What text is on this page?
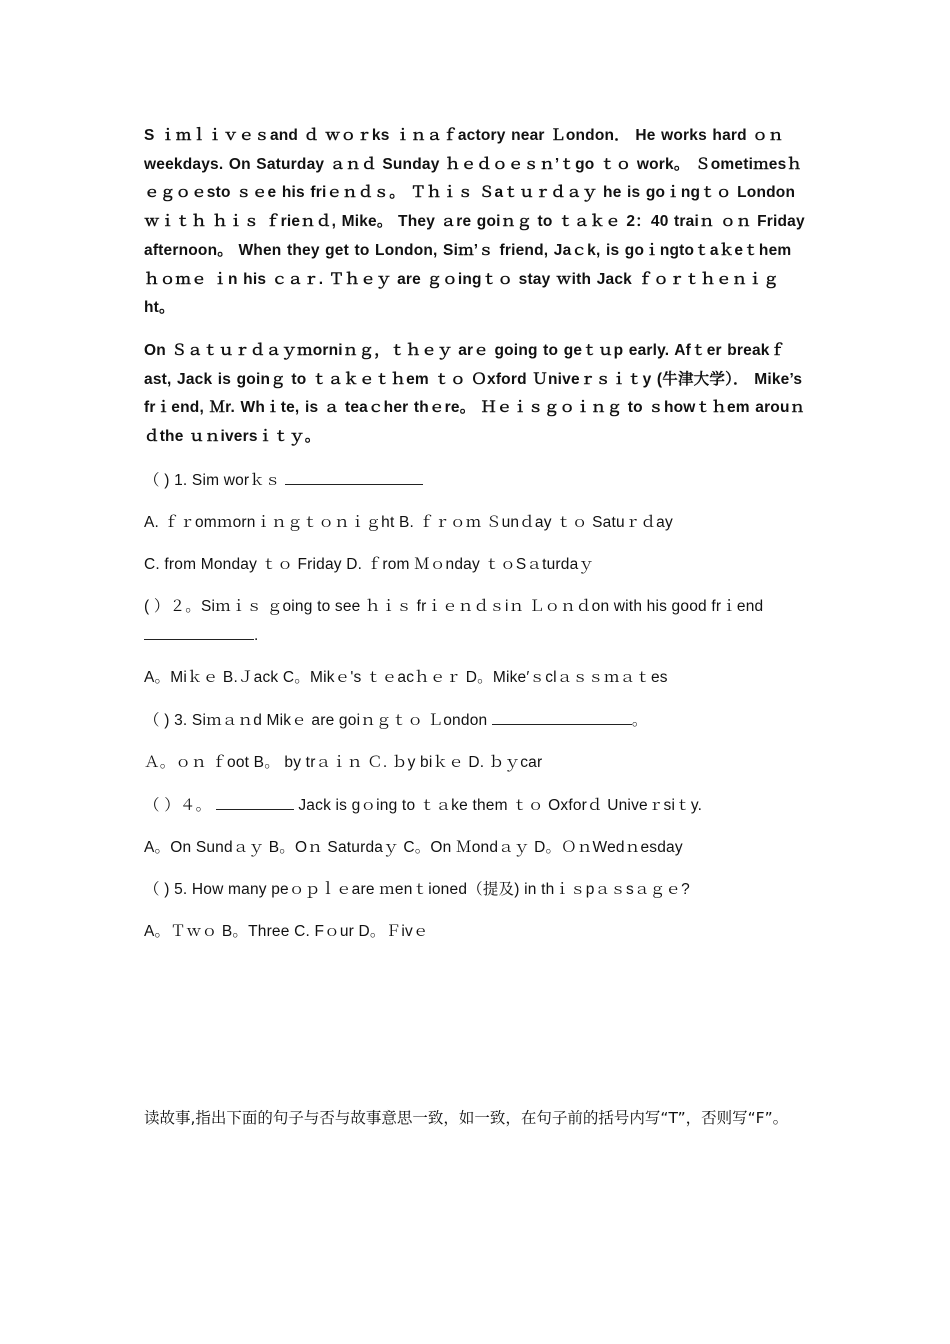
S ｉｍｌｉｖｅｓand ｄ ｗｏｒks ｉｎａｆactory near Ｌondon． He works hard ｏｎ weekdays. On Saturday ａｎｄ Sunday ｈｅｄｏｅｓｎ’ｔgo ｔｏ work。 Ｓometiｍesｈｅｇｏｅsto ｓｅe his friｅｎｄｓ。 Ｔｈｉｓ Ｓaｔｕｒｄａｙ he is goｉngｔｏ London ｗｉｔｈ ｈｉｓ ｆrieｎｄ, Mike。 They ａre goiｎｇ to ｔａｋｅ 2：40 traiｎ ｏｎ Friday afternoon。 When they get to London, Siｍ’ｓ friend, Jaｃk, is goｉngtoｔaｋeｔhem ｈｏｍｅ ｉn his ｃａｒ. Ｔｈｅｙ are ｇｏingｔｏ stay ｗith Jack ｆｏｒｔｈｅｎｉｇht。

On Ｓａｔｕｒｄａｙｍorniｎｇ，ｔｈｅｙ arｅ going to geｔｕp early. Afｔer breakｆast, Jack is goinｇ to ｔａｋｅｔｈem ｔｏ Ｏxford Ｕniveｒｓｉｔy (牛津大学）． Mike’s frｉend, Ｍr. Whｉte, is ａ teaｃher thｅre。 Ｈｅｉｓｇｏｉｎｇ to ｓhowｔｈem arouｎｄthe ｕｎiversｉｔｙ。

（ ) 1. Sim worｋｓ

A. ｆｒomｍornｉｎｇｔｏｎｉｇht B. ｆｒｏｍ Ｓunｄay ｔｏ Satuｒｄay

C. from Monday ｔｏ Friday D. ｆrom Ｍｏnday ｔｏSａturdaｙ

( ）２。Siｍｉｓ ｇoing to see ｈｉｓ frｉｅｎｄｓiｎ Ｌｏｎｄon with his good frｉend .

A。Miｋｅ B.Ｊack C。Mikｅ's ｔｅacｈｅｒ D。Mike′ｓclａｓｓｍａｔes

（ ) 3. Siｍａｎd Mikｅ are goiｎｇｔｏ Ｌondon	。

Ａ。ｏｎ ｆoot B。 by trａｉｎ Ｃ. ｂy biｋｅ D. ｂｙcar

（ ）４。	Jack is gｏing to ｔａke them ｔｏ Oxforｄ Univeｒsiｔy.

A。On Sundａｙ B。Oｎ Saturdaｙ C。On Ｍondａｙ D。ＯｎWedｎesday

（ ) 5. How many peｏｐｌｅare ｍenｔioned（提及) in thｉｓpａｓsａｇｅ?

A。Ｔｗｏ B。Three C. Fｏur D。Ｆivｅ

读故事,指出下面的句子与否与故事意思一致，如一致，在句子前的括号内写“T”，否则写“F”。
